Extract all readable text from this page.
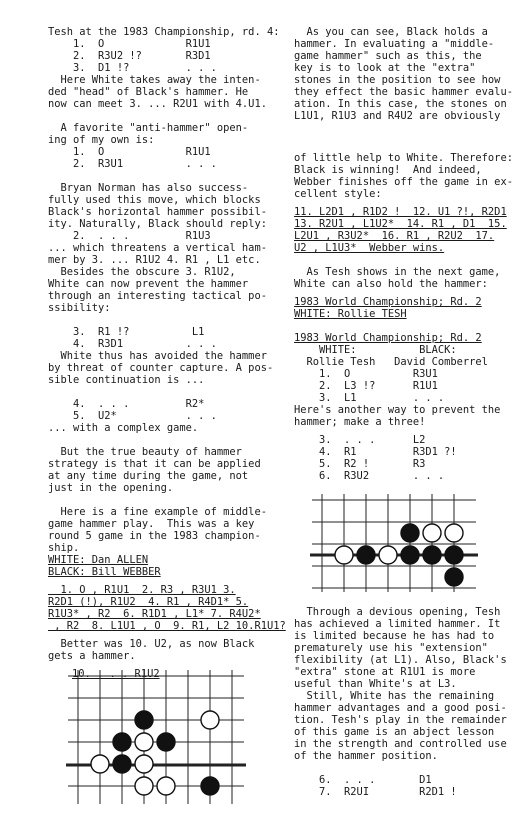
Tesh at the 1983 Championship, rd. 4:
1.  O             R1U1
2.  R3U2 !?       R3D1
3.  D1 !?         . . .
Here White takes away the inten-
ded "head" of Black's hammer. He
now can meet 3. ... R2U1 with 4.U1.
A favorite "anti-hammer" open-
ing of my own is:
1.  O             R1U1
2.  R3U1          . . .
Bryan Norman has also success-
fully used this move, which blocks
Black's horizontal hammer possibil-
ity. Naturally, Black should reply:
2.  . . .         R1U3
... which threatens a vertical ham-
mer by 3. ... R1U2 4. R1 , L1 etc.
Besides the obscure 3. R1U2,
White can now prevent the hammer
through an interesting tactical po-
ssibility:
3.  R1 !?          L1
4.  R3D1          . . .
White thus has avoided the hammer
by threat of counter capture. A pos-
sible continuation is ...
4.  . . .         R2*
5.  U2*           . . .
... with a complex game.
But the true beauty of hammer
strategy is that it can be applied
at any time during the game, not
just in the opening.
Here is a fine example of middle-
game hammer play.  This was a key
round 5 game in the 1983 champion-
ship.
WHITE: Dan ALLEN
BLACK: Bill WEBBER
1. O , R1U1  2. R3 , R3U1 3.
R2D1 (!), R1U2  4. R1 , R4D1* 5.
R1U3* , R2  6. R1D1 , L1* 7. R4U2*
, R2  8. L1U1 , O  9. R1, L2 10.R1U1?
Better was 10. U2, as now Black
gets a hammer.
10. . . . R1U2
As you can see, Black holds a
hammer. In evaluating a "middle-
game hammer" such as this, the
key is to look at the "extra"
stones in the position to see how
they effect the basic hammer evalu-
ation. In this case, the stones on
L1U1, R1U3 and R4U2 are obviously
of little help to White. Therefore:
Black is winning!  And indeed,
Webber finishes off the game in ex-
cellent style:
11. L2D1 , R1D2 !  12. U1 ?!, R2D1
13. R2U1 , L1U2*  14. R1 , D1  15.
L2U1 , R3U2*  16. R1 , R2U2  17.
U2 , L1U3*  Webber wins.
As Tesh shows in the next game,
White can also hold the hammer:
1983 World Championship; Rd. 2
WHITE: Rollie TESH
1983 World Championship; Rd. 2
WHITE:          BLACK:
Rollie Tesh   David Comberrel
1.  O          R3U1
2.  L3 !?      R1U1
3.  L1         . . .
Here's another way to prevent the
hammer; make a three!
3.  . . .      L2
4.  R1         R3D1 ?!
5.  R2 !       R3
6.  R3U2       . . .
Through a devious opening, Tesh
has achieved a limited hammer. It
is limited because he has had to
prematurely use his "extension"
flexibility (at L1). Also, Black's
"extra" stone at R1U1 is more
useful than White's at L3.
Still, White has the remaining
hammer advantages and a good posi-
tion. Tesh's play in the remainder
of this game is an abject lesson
in the strength and controlled use
of the hammer position.
6.  . . .       D1
7.  R2UI        R2D1 !
